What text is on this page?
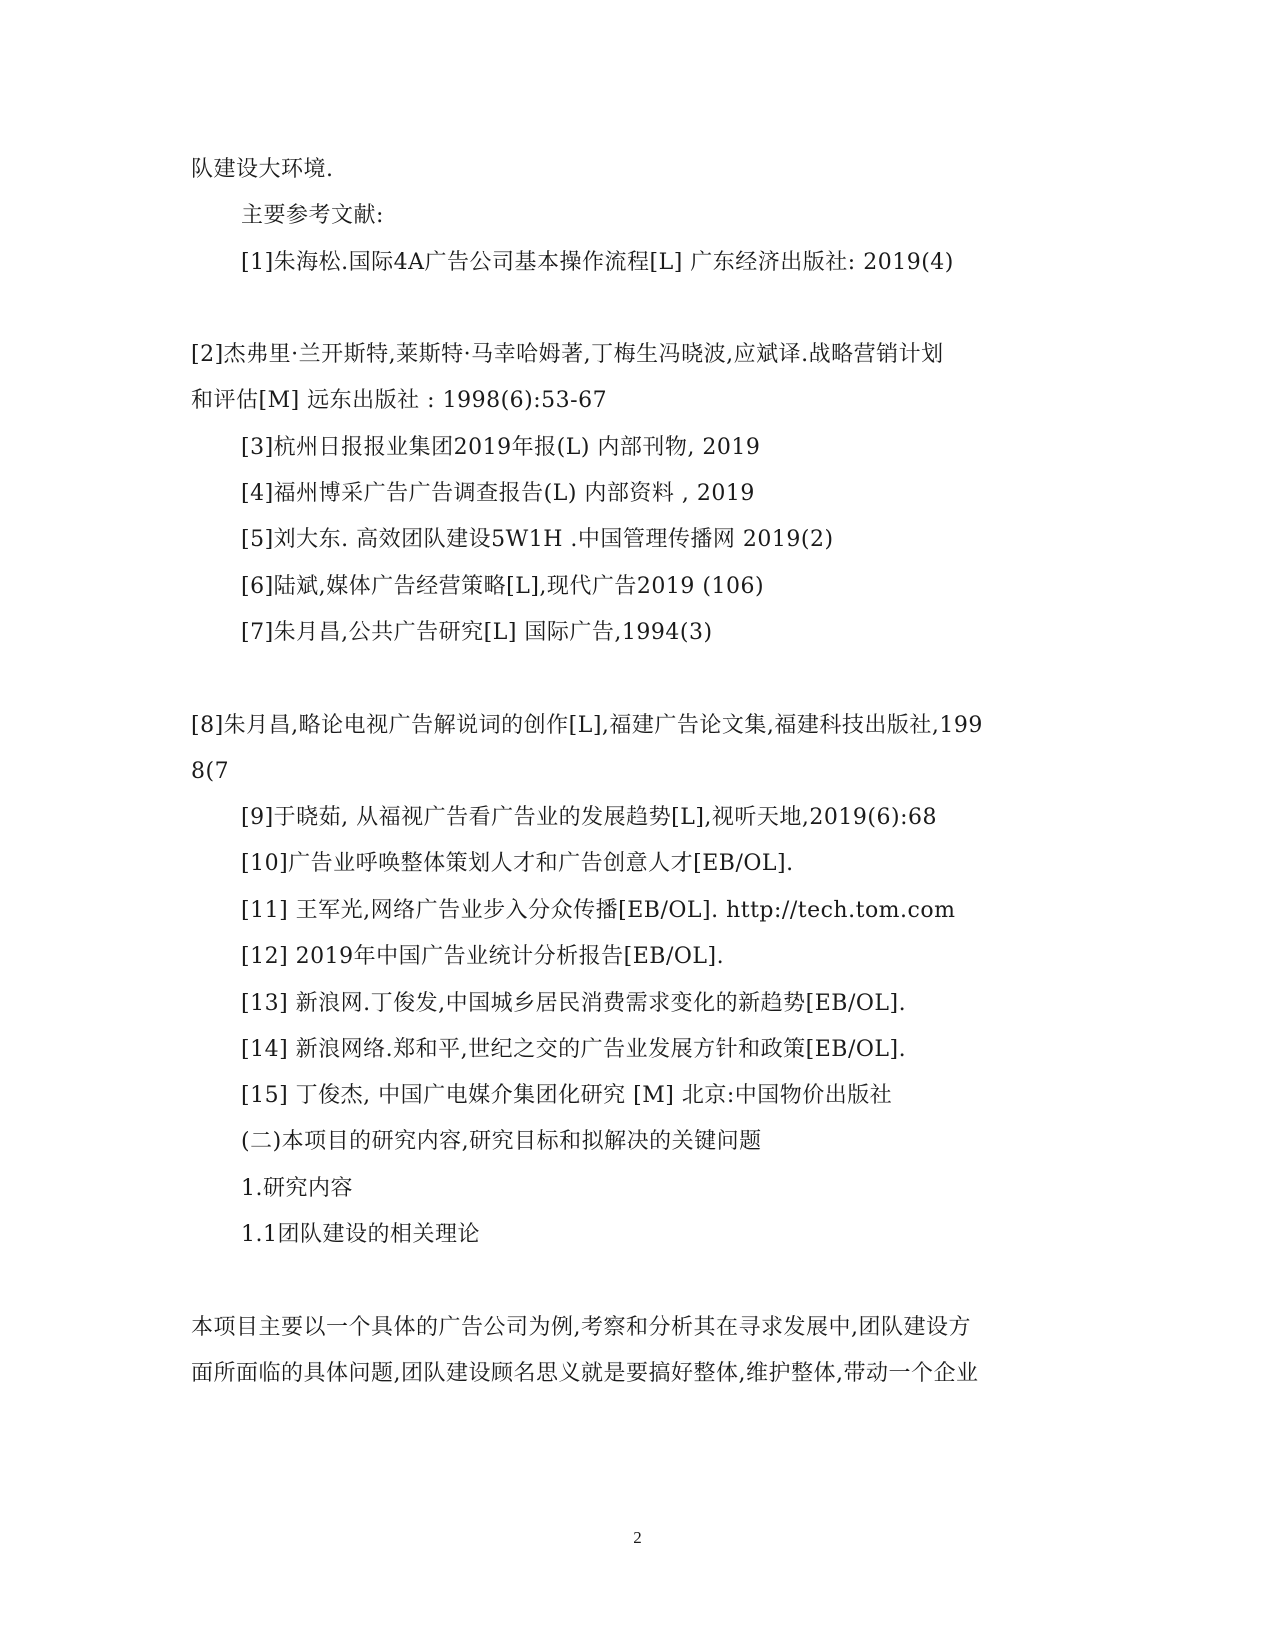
队建设大环境.
主要参考文献:
[1]朱海松.国际4A广告公司基本操作流程[L] 广东经济出版社: 2019(4)
[2]杰弗里·兰开斯特,莱斯特·马幸哈姆著,丁梅生冯晓波,应斌译.战略营销计划
和评估[M] 远东出版社 : 1998(6):53-67
[3]杭州日报报业集团2019年报(L) 内部刊物, 2019
[4]福州博采广告广告调查报告(L) 内部资料 , 2019
[5]刘大东. 高效团队建设5W1H .中国管理传播网 2019(2)
[6]陆斌,媒体广告经营策略[L],现代广告2019 (106)
[7]朱月昌,公共广告研究[L] 国际广告,1994(3)
[8]朱月昌,略论电视广告解说词的创作[L],福建广告论文集,福建科技出版社,199
8(7
[9]于晓茹, 从福视广告看广告业的发展趋势[L],视听天地,2019(6):68
[10]广告业呼唤整体策划人才和广告创意人才[EB/OL].
[11] 王军光,网络广告业步入分众传播[EB/OL]. http://tech.tom.com
[12] 2019年中国广告业统计分析报告[EB/OL].
[13] 新浪网.丁俊发,中国城乡居民消费需求变化的新趋势[EB/OL].
[14] 新浪网络.郑和平,世纪之交的广告业发展方针和政策[EB/OL].
[15] 丁俊杰, 中国广电媒介集团化研究 [M] 北京:中国物价出版社
(二)本项目的研究内容,研究目标和拟解决的关键问题
1.研究内容
1.1团队建设的相关理论
本项目主要以一个具体的广告公司为例,考察和分析其在寻求发展中,团队建设方
面所面临的具体问题,团队建设顾名思义就是要搞好整体,维护整体,带动一个企业
2
